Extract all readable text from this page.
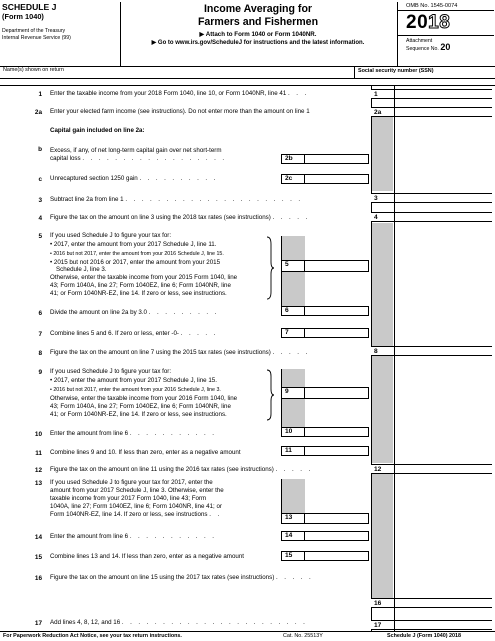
SCHEDULE J
(Form 1040)
Department of the Treasury
Internal Revenue Service (99)
Income Averaging for
Farmers and Fishermen
▶ Attach to Form 1040 or Form 1040NR.
▶ Go to www.irs.gov/ScheduleJ for instructions and the latest information.
OMB No. 1545-0074
2018
Attachment
Sequence No. 20
Name(s) shown on return	Social security number (SSN)
1 Enter the taxable income from your 2018 Form 1040, line 10, or Form 1040NR, line 41 . . .	1
2a Enter your elected farm income (see instructions). Do not enter more than the amount on line 1	2a
Capital gain included on line 2a:
b Excess, if any, of net long-term capital gain over net short-term
capital loss . . . . . . . . . . . . . . . . . .	2b
c Unrecaptured section 1250 gain . . . . . . . . . .	2c
3 Subtract line 2a from line 1 . . . . . . . . . . . . . . . . . . . . . .	3
4 Figure the tax on the amount on line 3 using the 2018 tax rates (see instructions) . . . . .	4
5 If you used Schedule J to figure your tax for:
• 2017, enter the amount from your 2017 Schedule J, line 11.
• 2016 but not 2017, enter the amount from your 2016 Schedule J, line 15.
• 2015 but not 2016 or 2017, enter the amount from your 2015
Schedule J, line 3.
Otherwise, enter the taxable income from your 2015 Form 1040, line
43; Form 1040A, line 27; Form 1040EZ, line 6; Form 1040NR, line
41; or Form 1040NR-EZ, line 14. If zero or less, see instructions.
5
6 Divide the amount on line 2a by 3.0 . . . . . . . . .	6
7 Combine lines 5 and 6. If zero or less, enter -0- . . . . .	7
8 Figure the tax on the amount on line 7 using the 2015 tax rates (see instructions) . . . . .	8
9 If you used Schedule J to figure your tax for:
• 2017, enter the amount from your 2017 Schedule J, line 15.
• 2016 but not 2017, enter the amount from your 2016 Schedule J, line 3.
Otherwise, enter the taxable income from your 2016 Form 1040, line
43; Form 1040A, line 27; Form 1040EZ, line 6; Form 1040NR, line
41; or Form 1040NR-EZ, line 14. If zero or less, see instructions.
9
10 Enter the amount from line 6 . . . . . . . . . . .	10
11 Combine lines 9 and 10. If less than zero, enter as a negative amount	11
12 Figure the tax on the amount on line 11 using the 2016 tax rates (see instructions) . . . . .	12
13 If you used Schedule J to figure your tax for 2017, enter the
amount from your 2017 Schedule J, line 3. Otherwise, enter the
taxable income from your 2017 Form 1040, line 43; Form
1040A, line 27; Form 1040EZ, line 6; Form 1040NR, line 41; or
Form 1040NR-EZ, line 14. If zero or less, see instructions . .	13
14 Enter the amount from line 6 . . . . . . . . . . .	14
15 Combine lines 13 and 14. If less than zero, enter as a negative amount	15
16 Figure the tax on the amount on line 15 using the 2017 tax rates (see instructions) . . . . .
16
17 Add lines 4, 8, 12, and 16 . . . . . . . . . . . . . . . . . . . . . . .	17
For Paperwork Reduction Act Notice, see your tax return instructions.	Cat. No. 25513Y	Schedule J (Form 1040) 2018
